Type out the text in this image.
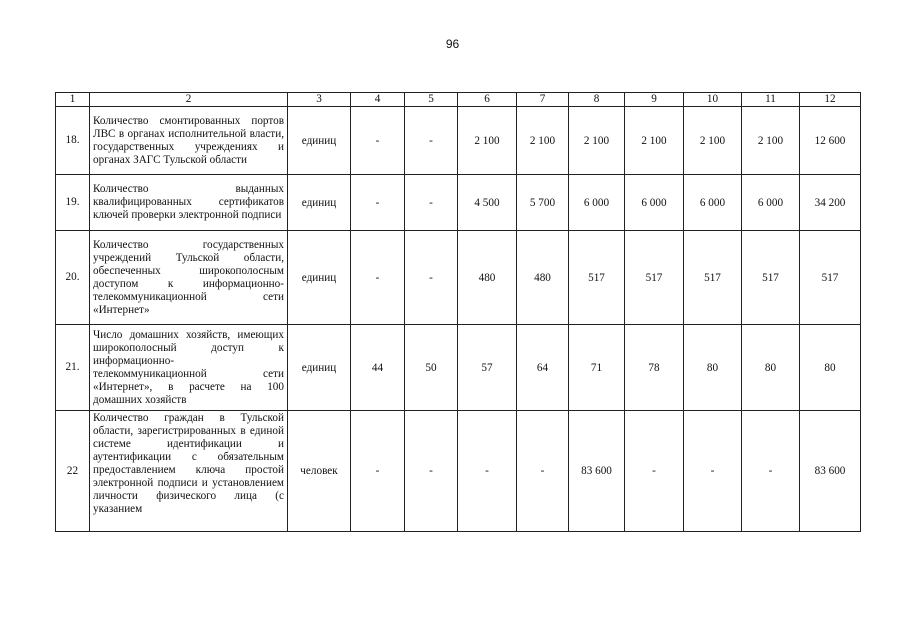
96
1	2	3	4	5	6	7	8	9	10	11	12
18.	Количество смонтированных портов ЛВС в органах исполнительной власти, государственных учреждениях и органах ЗАГС Тульской области	единиц	-	-	2 100	2 100	2 100	2 100	2 100	2 100	12 600
19.	Количество выданных квалифицированных сертификатов ключей проверки электронной подписи	единиц	-	-	4 500	5 700	6 000	6 000	6 000	6 000	34 200
20.	Количество государственных учреждений Тульской области, обеспеченных широкополосным доступом к информационно-телекоммуникационной сети «Интернет»	единиц	-	-	480	480	517	517	517	517	517
21.	Число домашних хозяйств, имеющих широкополосный доступ к информационно-телекоммуникационной сети «Интернет», в расчете на 100 домашних хозяйств	единиц	44	50	57	64	71	78	80	80	80
22	Количество граждан в Тульской области, зарегистрированных в единой системе идентификации и аутентификации с обязательным предоставлением ключа простой электронной подписи и установлением личности физического лица (с указанием	человек	-	-	-	-	83 600	-	-	-	83 600
